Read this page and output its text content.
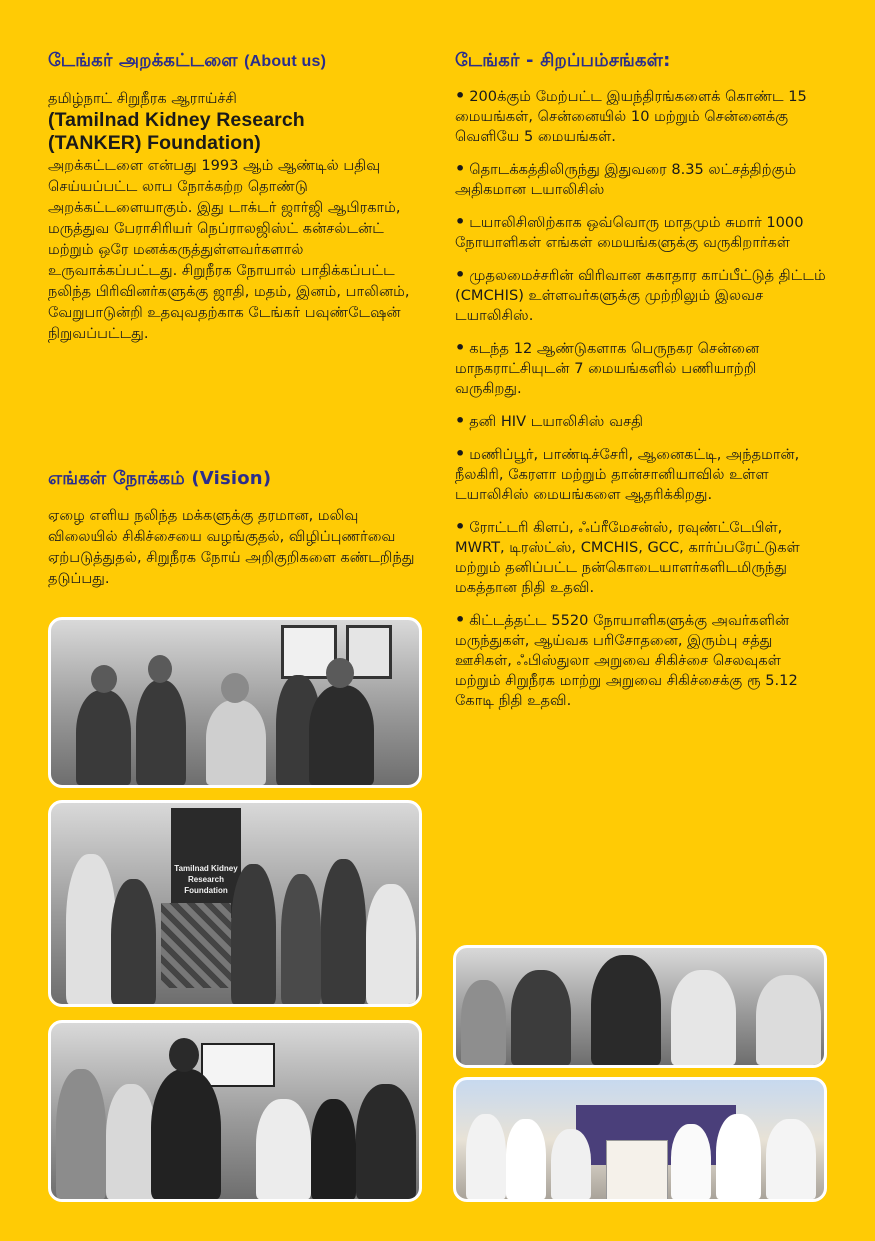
டேங்கர் அறக்கட்டளை (About us)

தமிழ்நாட் சிறுநீரக ஆராய்ச்சி

(Tamilnad Kidney Research
(TANKER) Foundation)

அறக்கட்டளை என்பது 1993 ஆம் ஆண்டில் பதிவு செய்யப்பட்ட லாப நோக்கற்ற தொண்டு அறக்கட்டளையாகும். இது டாக்டர் ஜார்ஜி ஆபிரகாம், மருத்துவ பேராசிரியர் நெப்ராலஜிஸ்ட் கன்சல்டன்ட் மற்றும் ஒரே மனக்கருத்துள்ளவர்களால் உருவாக்கப்பட்டது. சிறுநீரக நோயால் பாதிக்கப்பட்ட நலிந்த பிரிவினர்களுக்கு ஜாதி, மதம், இனம், பாலினம், வேறுபாடுன்றி உதவுவதற்காக டேங்கர் பவுண்டேஷன் நிறுவப்பட்டது.

எங்கள் நோக்கம் (Vision)

ஏழை எளிய நலிந்த மக்களுக்கு தரமான, மலிவு விலையில் சிகிச்சையை வழங்குதல், விழிப்புணர்வை ஏற்படுத்துதல், சிறுநீரக நோய் அறிகுறிகளை கண்டறிந்து தடுப்பது.

Tamilnad Kidney
Research
Foundation
டேங்கர் - சிறப்பம்சங்கள்:

• 200க்கும் மேற்பட்ட இயந்திரங்களைக் கொண்ட 15 மையங்கள், சென்னையில் 10 மற்றும் சென்னைக்கு வெளியே 5 மையங்கள்.

• தொடக்கத்திலிருந்து இதுவரை 8.35 லட்சத்திற்கும் அதிகமான டயாலிசிஸ்

• டயாலிசிஸிற்காக ஒவ்வொரு மாதமும் சுமார் 1000 நோயாளிகள் எங்கள் மையங்களுக்கு வருகிறார்கள்

• முதலமைச்சரின் விரிவான சுகாதார காப்பீட்டுத் திட்டம் (CMCHIS) உள்ளவர்களுக்கு முற்றிலும் இலவச டயாலிசிஸ்.

• கடந்த 12 ஆண்டுகளாக பெருநகர சென்னை மாநகராட்சியுடன் 7 மையங்களில் பணியாற்றி வருகிறது.

• தனி HIV டயாலிசிஸ் வசதி

• மணிப்பூர், பாண்டிச்சேரி, ஆனைகட்டி, அந்தமான், நீலகிரி, கேரளா மற்றும் தான்சானியாவில் உள்ள டயாலிசிஸ் மையங்களை ஆதரிக்கிறது.

• ரோட்டரி கிளப், ஃப்ரீமேசன்ஸ், ரவுண்ட்டேபிள், MWRT, டிரஸ்ட்ஸ், CMCHIS, GCC, கார்ப்பரேட்டுகள் மற்றும் தனிப்பட்ட நன்கொடையாளர்களிடமிருந்து மகத்தான நிதி உதவி.

• கிட்டத்தட்ட 5520 நோயாளிகளுக்கு அவர்களின் மருந்துகள், ஆய்வக பரிசோதனை, இரும்பு சத்து ஊசிகள், ஃபிஸ்துலா அறுவை சிகிச்சை செலவுகள் மற்றும் சிறுநீரக மாற்று அறுவை சிகிச்சைக்கு ரூ 5.12 கோடி நிதி உதவி.
